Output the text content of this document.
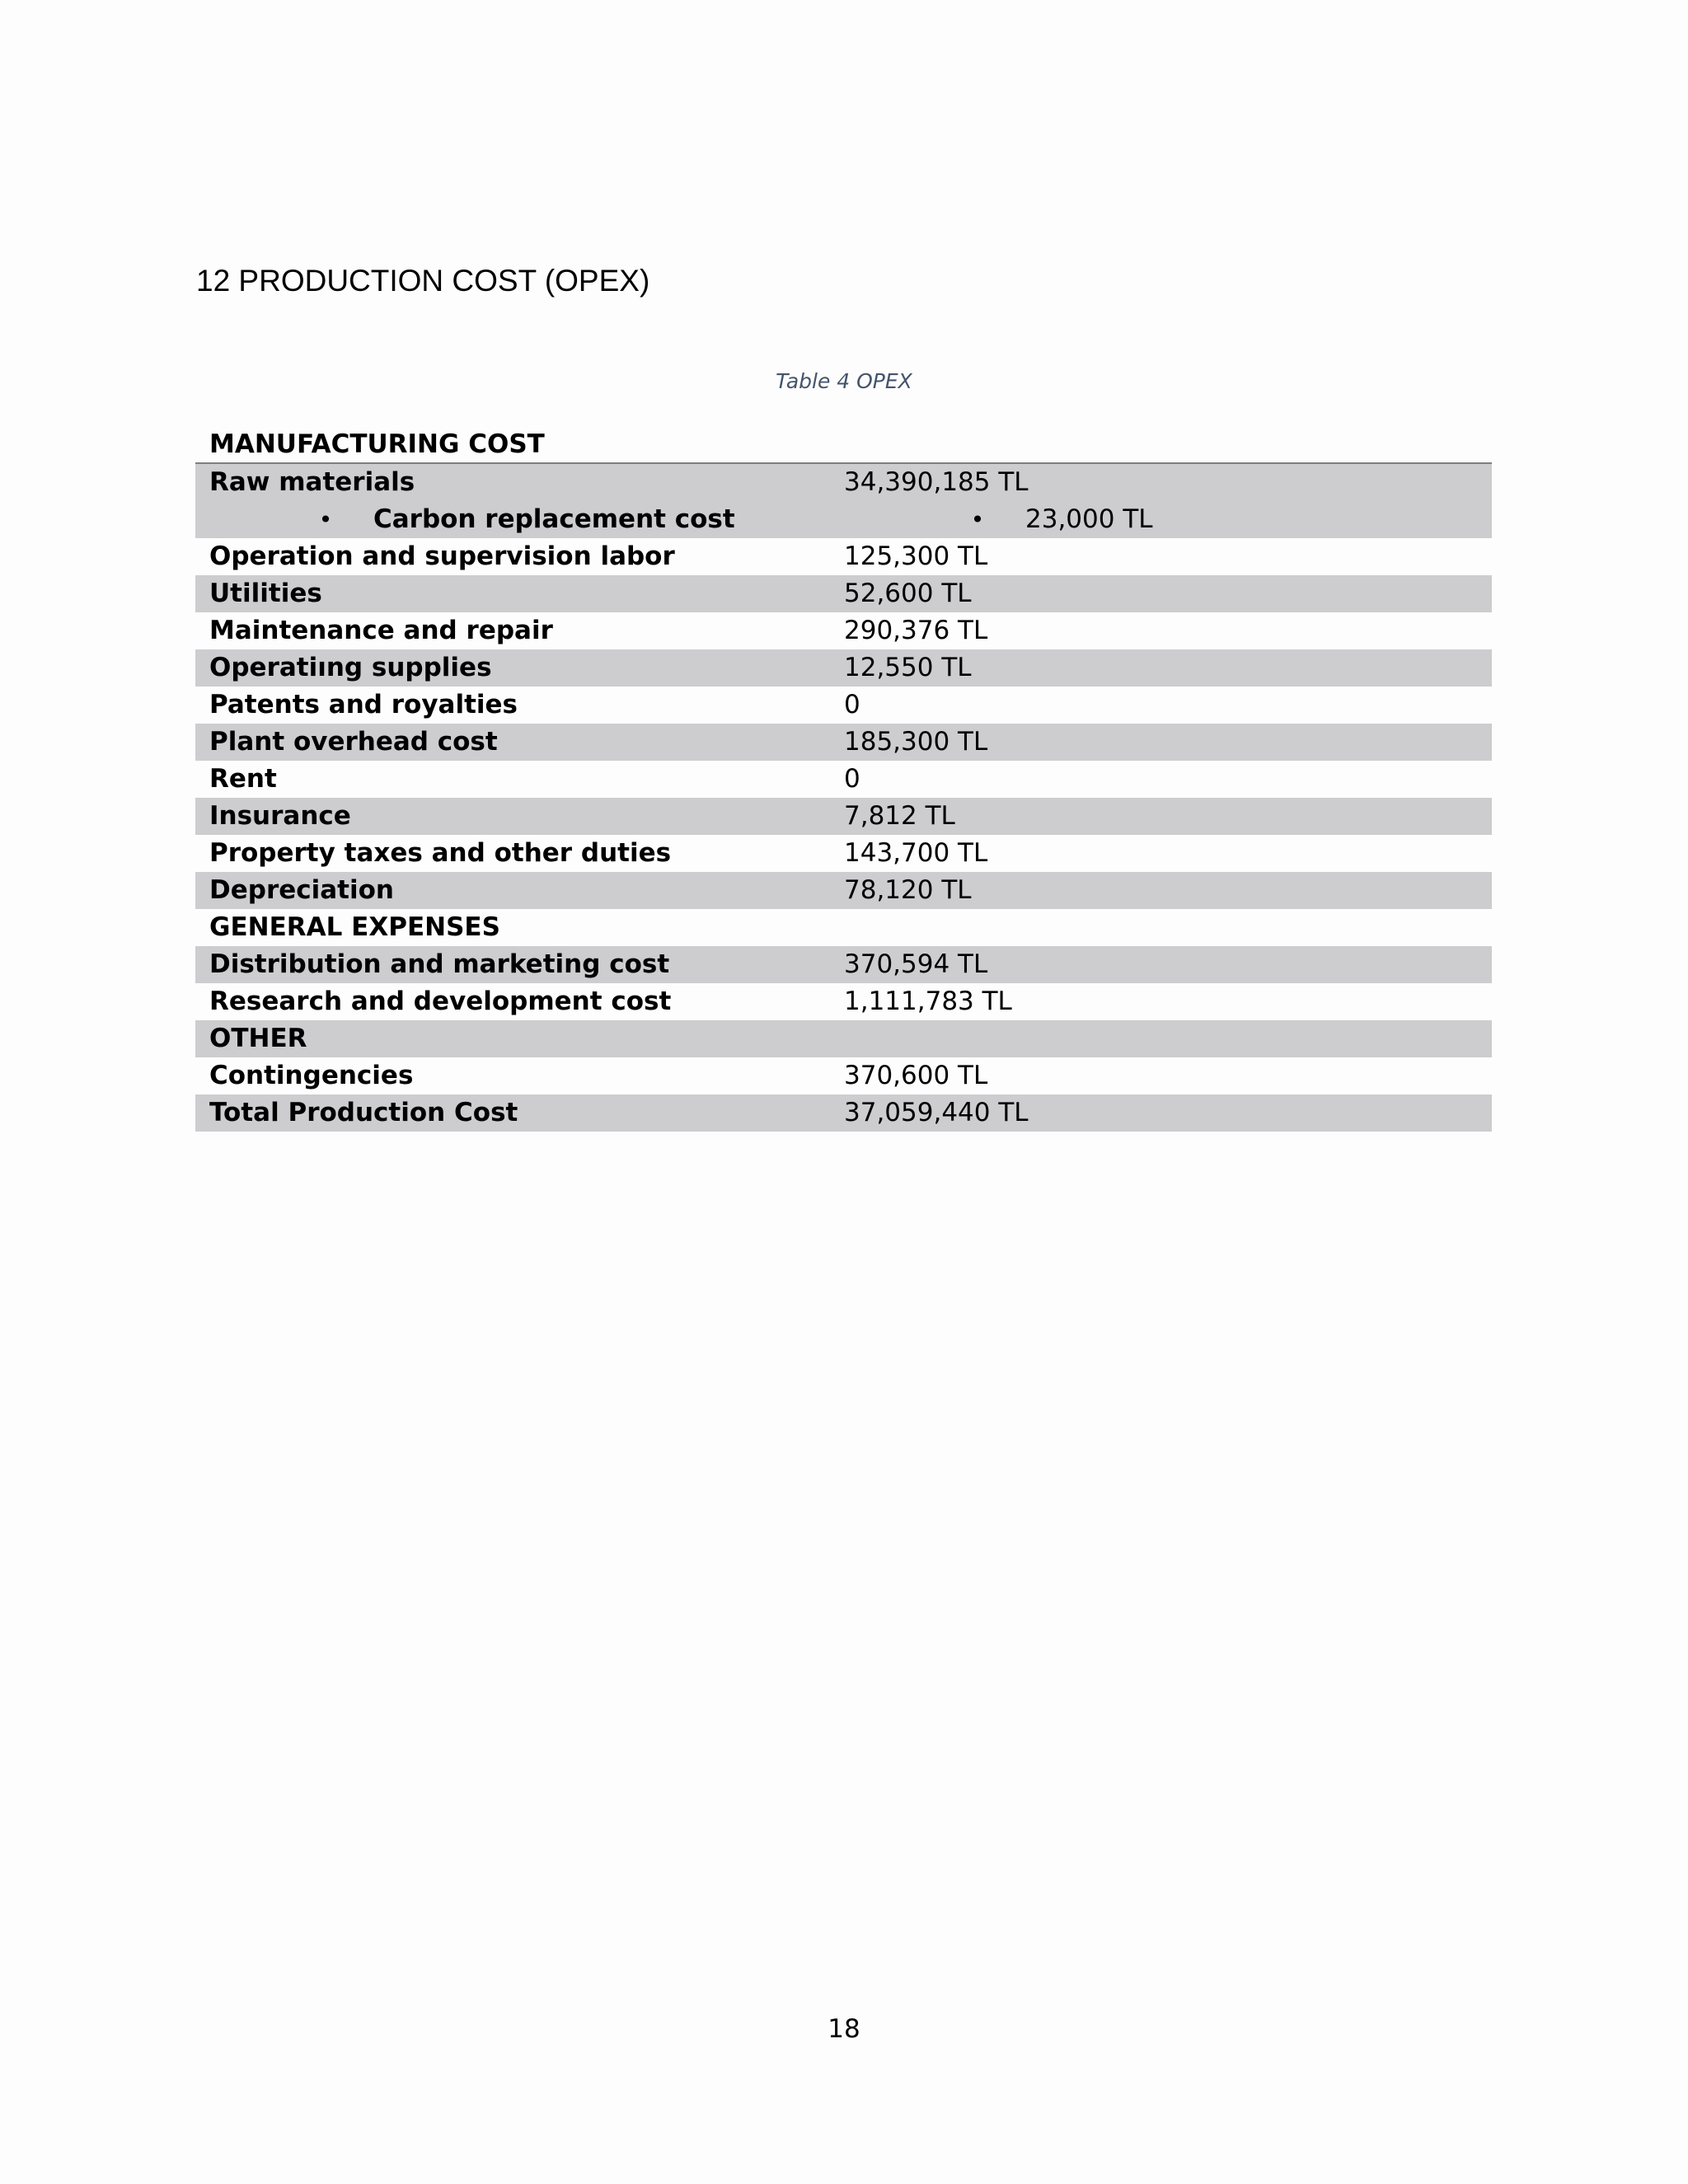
12 PRODUCTION COST (OPEX)
Table 4 OPEX
MANUFACTURING COST
Raw materials	34,390,185 TL
•	Carbon replacement cost	•	23,000 TL
Operation and supervision labor	125,300 TL
Utilities	52,600 TL
Maintenance and repair	290,376 TL
Operatiıng supplies	12,550 TL
Patents and royalties	0
Plant overhead cost	185,300 TL
Rent	0
Insurance	7,812 TL
Property taxes and other duties	143,700 TL
Depreciation	78,120 TL
GENERAL EXPENSES
Distribution and marketing cost	370,594 TL
Research and development cost	1,111,783 TL
OTHER
Contingencies	370,600 TL
Total Production Cost	37,059,440 TL
18
